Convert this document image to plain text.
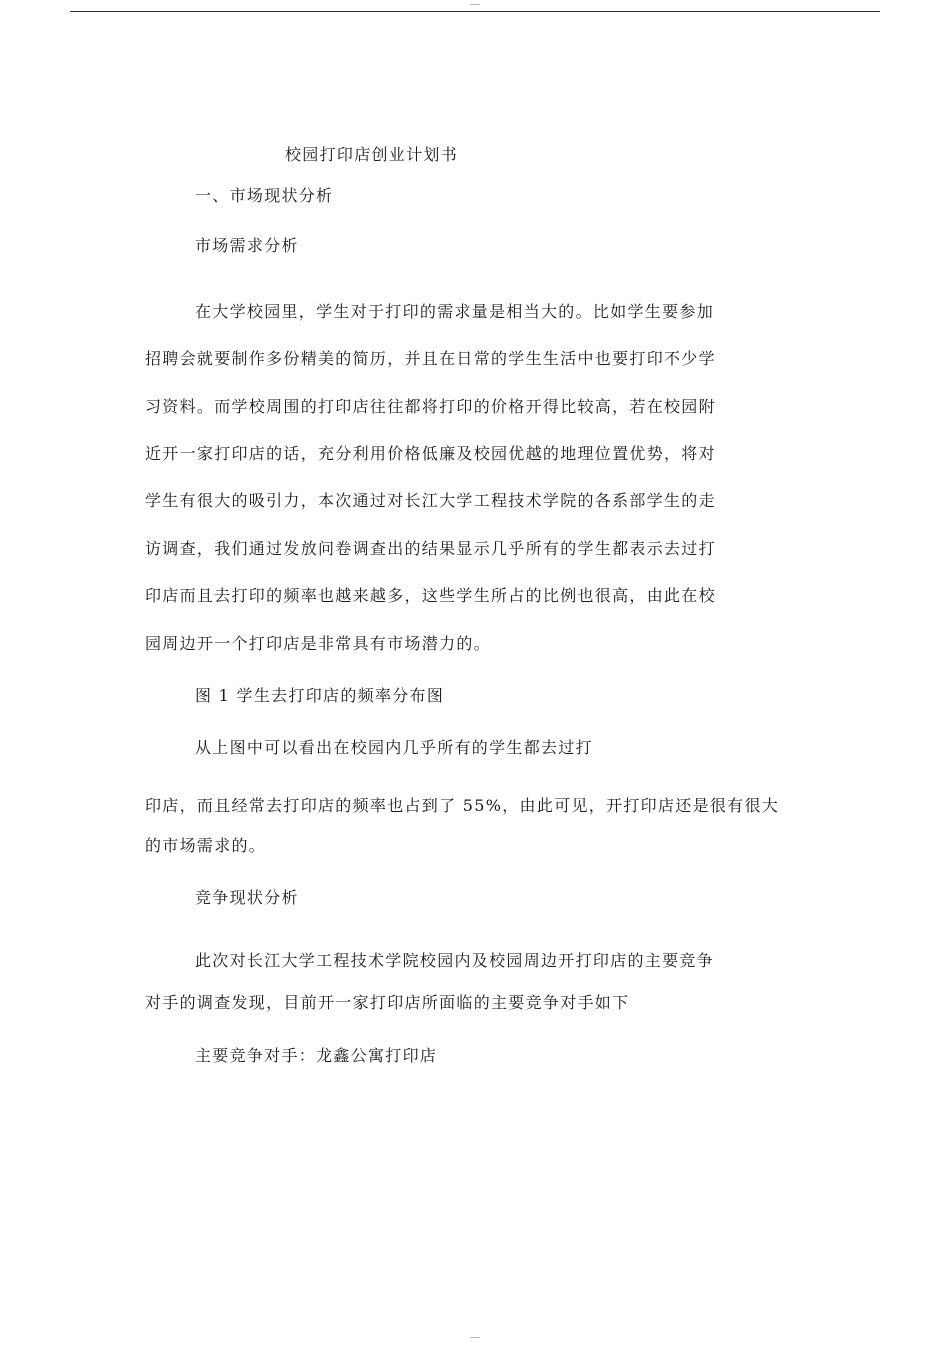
校园打印店创业计划书
一、市场现状分析
市场需求分析
在大学校园里，学生对于打印的需求量是相当大的。比如学生要参加
招聘会就要制作多份精美的简历，并且在日常的学生生活中也要打印不少学
习资料。而学校周围的打印店往往都将打印的价格开得比较高，若在校园附
近开一家打印店的话，充分利用价格低廉及校园优越的地理位置优势，将对
学生有很大的吸引力，本次通过对长江大学工程技术学院的各系部学生的走
访调查，我们通过发放问卷调查出的结果显示几乎所有的学生都表示去过打
印店而且去打印的频率也越来越多，这些学生所占的比例也很高，由此在校
园周边开一个打印店是非常具有市场潜力的。
图 1 学生去打印店的频率分布图
从上图中可以看出在校园内几乎所有的学生都去过打
印店，而且经常去打印店的频率也占到了 55%，由此可见，开打印店还是很有很大
的市场需求的。
竞争现状分析
此次对长江大学工程技术学院校园内及校园周边开打印店的主要竞争
对手的调查发现，目前开一家打印店所面临的主要竞争对手如下
主要竞争对手：龙鑫公寓打印店
